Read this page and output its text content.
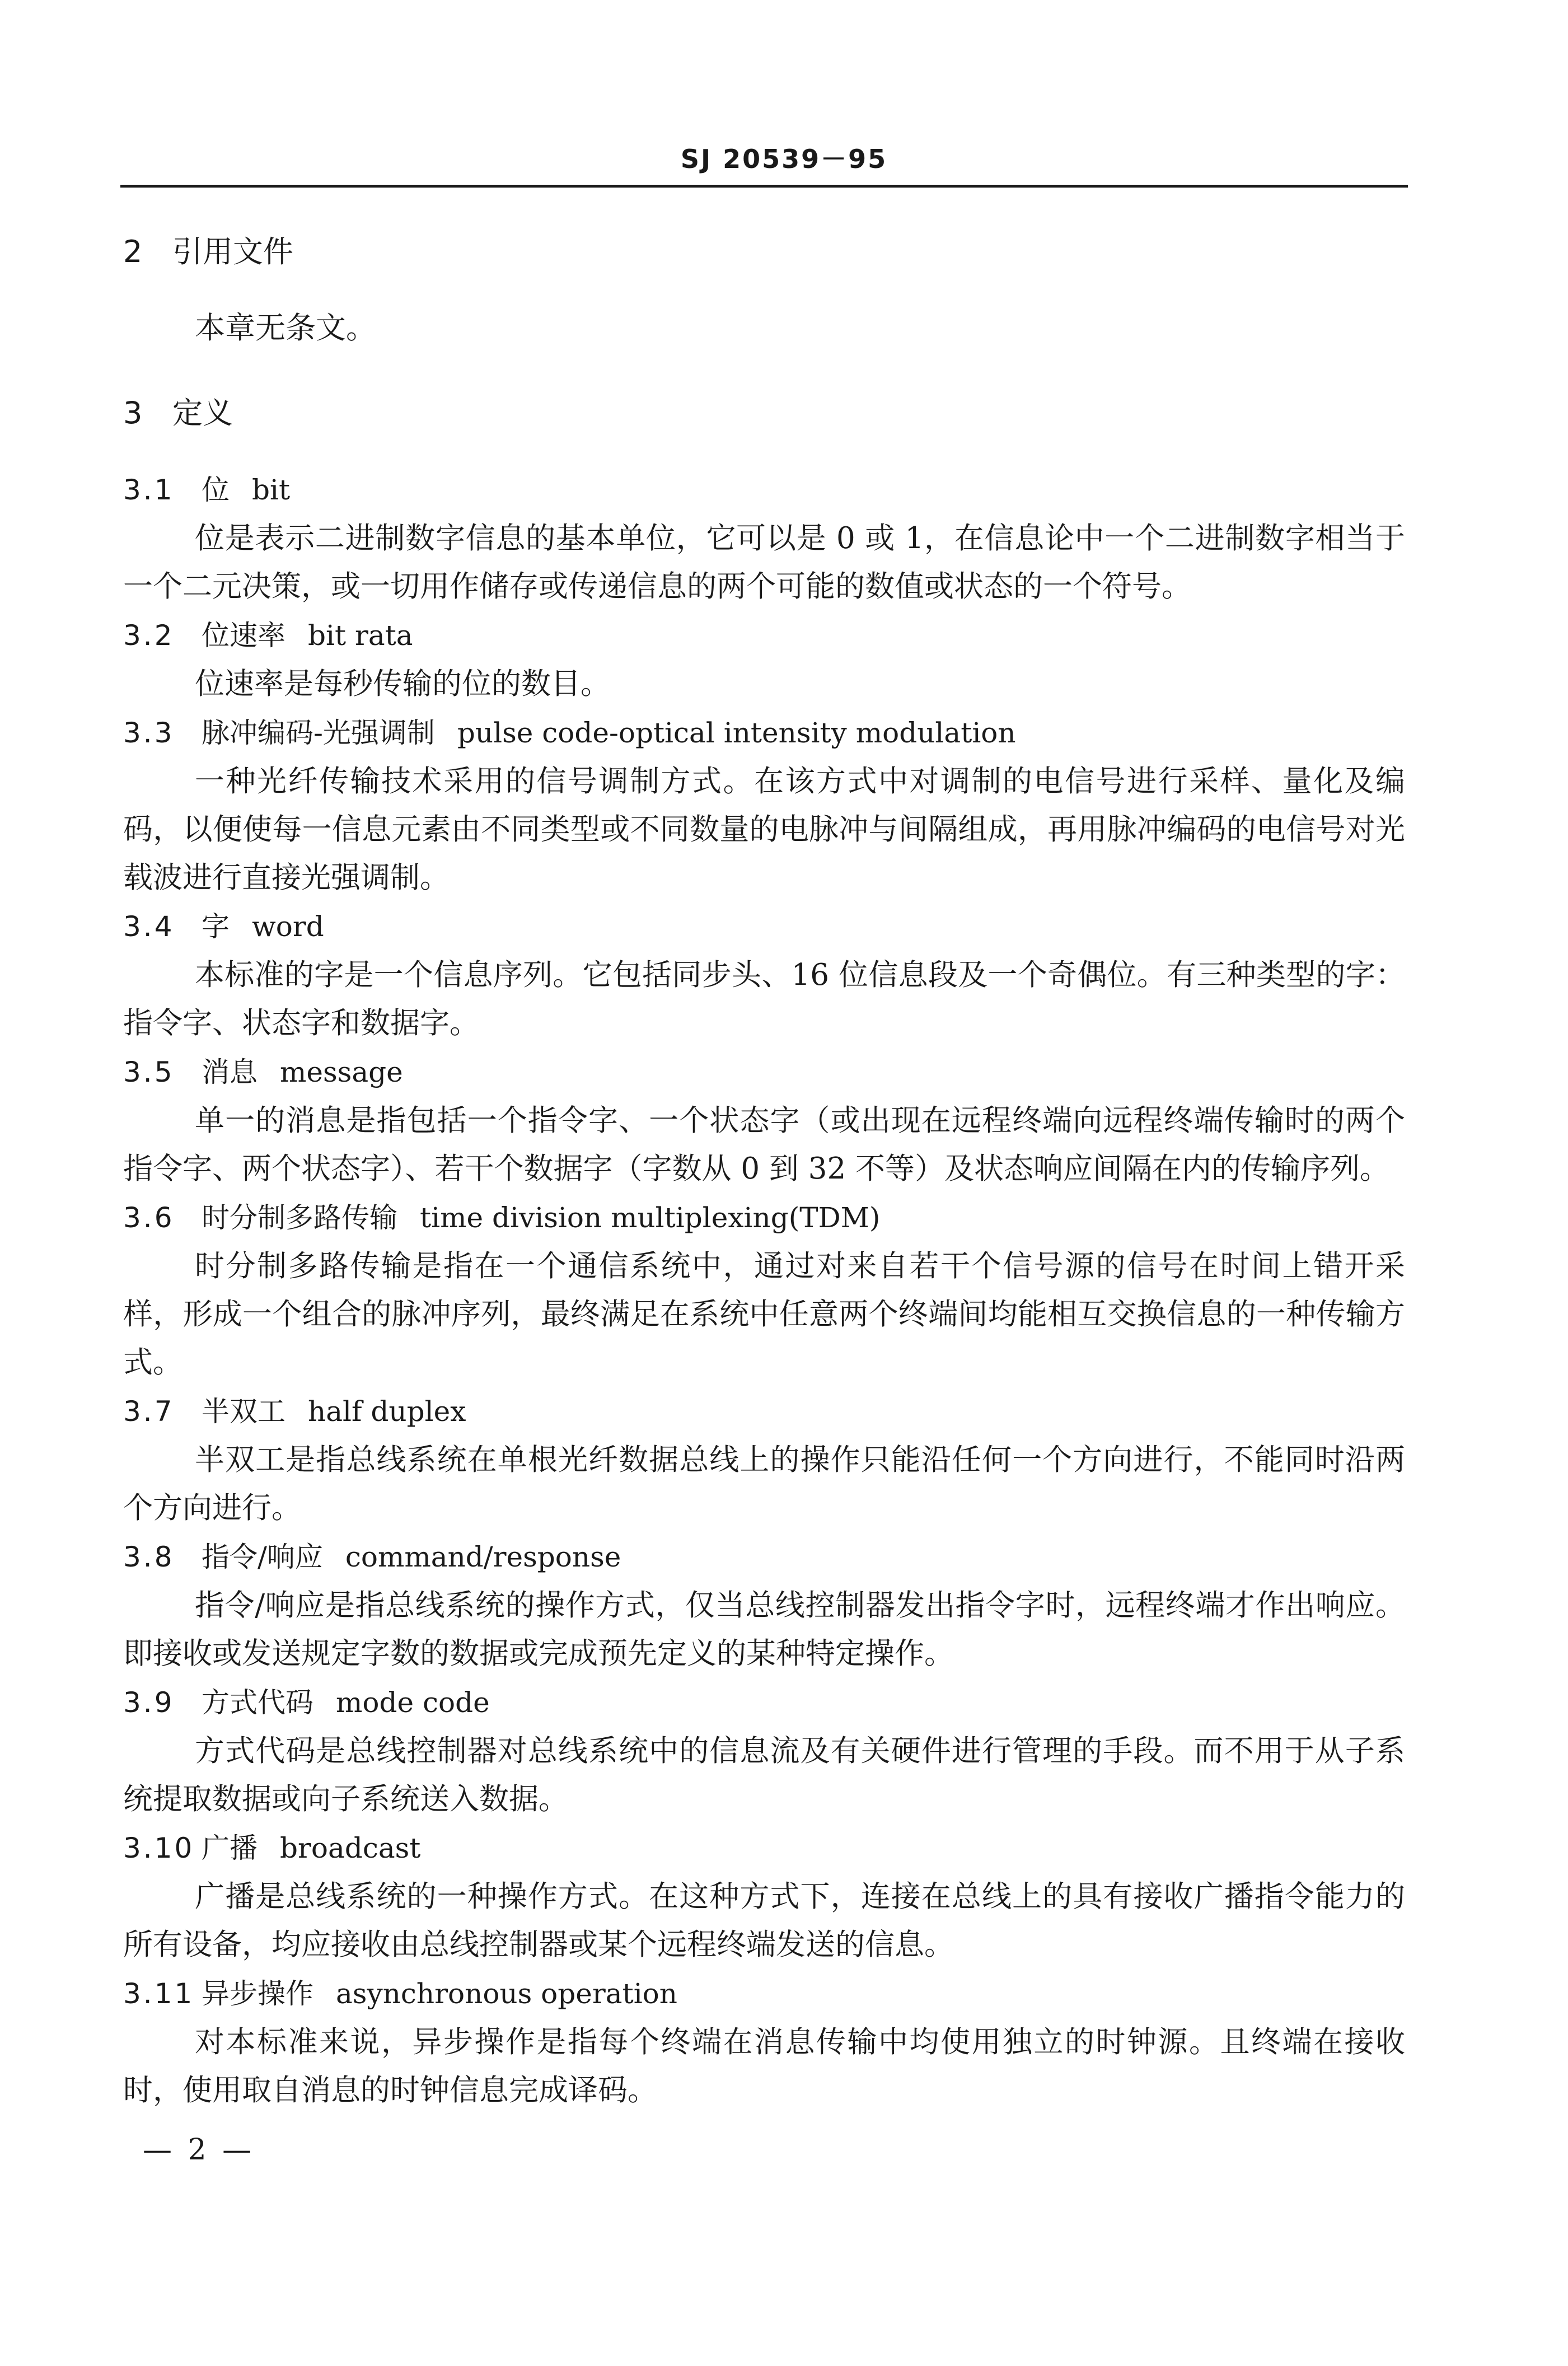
SJ 20539－95
2 引用文件

本章无条文。

3 定义
3.1 位 bit

位是表示二进制数字信息的基本单位，它可以是 0 或 1，在信息论中一个二进制数字相当于一个二元决策，或一切用作储存或传递信息的两个可能的数值或状态的一个符号。

3.2 位速率 bit rata

位速率是每秒传输的位的数目。

3.3 脉冲编码-光强调制 pulse code-optical intensity modulation

一种光纤传输技术采用的信号调制方式。在该方式中对调制的电信号进行采样、量化及编码，以便使每一信息元素由不同类型或不同数量的电脉冲与间隔组成，再用脉冲编码的电信号对光载波进行直接光强调制。

3.4 字 word

本标准的字是一个信息序列。它包括同步头、16 位信息段及一个奇偶位。有三种类型的字：指令字、状态字和数据字。

3.5 消息 message

单一的消息是指包括一个指令字、一个状态字（或出现在远程终端向远程终端传输时的两个指令字、两个状态字）、若干个数据字（字数从 0 到 32 不等）及状态响应间隔在内的传输序列。

3.6 时分制多路传输 time division multiplexing(TDM)

时分制多路传输是指在一个通信系统中，通过对来自若干个信号源的信号在时间上错开采样，形成一个组合的脉冲序列，最终满足在系统中任意两个终端间均能相互交换信息的一种传输方式。

3.7 半双工 half duplex

半双工是指总线系统在单根光纤数据总线上的操作只能沿任何一个方向进行，不能同时沿两个方向进行。

3.8 指令/响应 command/response

指令/响应是指总线系统的操作方式，仅当总线控制器发出指令字时，远程终端才作出响应。即接收或发送规定字数的数据或完成预先定义的某种特定操作。

3.9 方式代码 mode code

方式代码是总线控制器对总线系统中的信息流及有关硬件进行管理的手段。而不用于从子系统提取数据或向子系统送入数据。

3.10 广播 broadcast

广播是总线系统的一种操作方式。在这种方式下，连接在总线上的具有接收广播指令能力的所有设备，均应接收由总线控制器或某个远程终端发送的信息。

3.11 异步操作 asynchronous operation

对本标准来说，异步操作是指每个终端在消息传输中均使用独立的时钟源。且终端在接收时，使用取自消息的时钟信息完成译码。

— 2 —
